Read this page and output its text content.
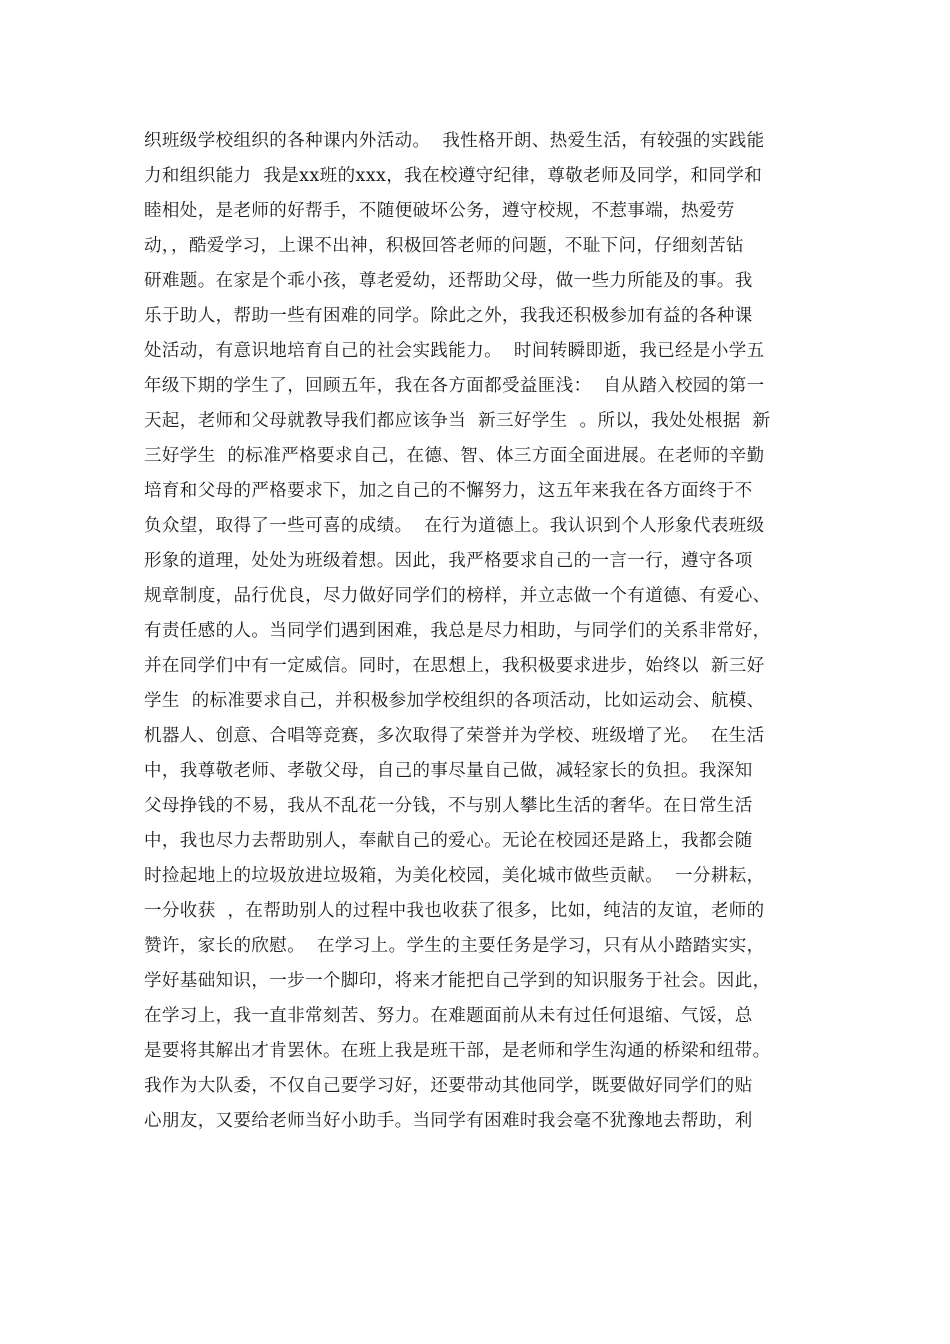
织班级学校组织的各种课内外活动。  我性格开朗、热爱生活，有较强的实践能
力和组织能力  我是xx班的xxx，我在校遵守纪律，尊敬老师及同学，和同学和
睦相处，是老师的好帮手，不随便破坏公务，遵守校规，不惹事端，热爱劳
动，，酷爱学习，上课不出神，积极回答老师的问题，不耻下问，仔细刻苦钻
研难题。在家是个乖小孩，尊老爱幼，还帮助父母，做一些力所能及的事。我
乐于助人，帮助一些有困难的同学。除此之外，我我还积极参加有益的各种课
处活动，有意识地培育自己的社会实践能力。  时间转瞬即逝，我已经是小学五
年级下期的学生了，回顾五年，我在各方面都受益匪浅：  自从踏入校园的第一
天起，老师和父母就教导我们都应该争当  新三好学生  。所以，我处处根据  新
三好学生  的标准严格要求自己，在德、智、体三方面全面进展。在老师的辛勤
培育和父母的严格要求下，加之自己的不懈努力，这五年来我在各方面终于不
负众望，取得了一些可喜的成绩。  在行为道德上。我认识到个人形象代表班级
形象的道理，处处为班级着想。因此，我严格要求自己的一言一行，遵守各项
规章制度，品行优良，尽力做好同学们的榜样，并立志做一个有道德、有爱心、
有责任感的人。当同学们遇到困难，我总是尽力相助，与同学们的关系非常好，
并在同学们中有一定威信。同时，在思想上，我积极要求进步，始终以  新三好
学生  的标准要求自己，并积极参加学校组织的各项活动，比如运动会、航模、
机器人、创意、合唱等竞赛，多次取得了荣誉并为学校、班级增了光。  在生活
中，我尊敬老师、孝敬父母，自己的事尽量自己做，减轻家长的负担。我深知
父母挣钱的不易，我从不乱花一分钱，不与别人攀比生活的奢华。在日常生活
中，我也尽力去帮助别人，奉献自己的爱心。无论在校园还是路上，我都会随
时捡起地上的垃圾放进垃圾箱，为美化校园，美化城市做些贡献。  一分耕耘，
一分收获  ，在帮助别人的过程中我也收获了很多，比如，纯洁的友谊，老师的
赞许，家长的欣慰。  在学习上。学生的主要任务是学习，只有从小踏踏实实，
学好基础知识，一步一个脚印，将来才能把自己学到的知识服务于社会。因此，
在学习上，我一直非常刻苦、努力。在难题面前从未有过任何退缩、气馁，总
是要将其解出才肯罢休。在班上我是班干部，是老师和学生沟通的桥梁和纽带。
我作为大队委，不仅自己要学习好，还要带动其他同学，既要做好同学们的贴
心朋友，又要给老师当好小助手。当同学有困难时我会毫不犹豫地去帮助，利
